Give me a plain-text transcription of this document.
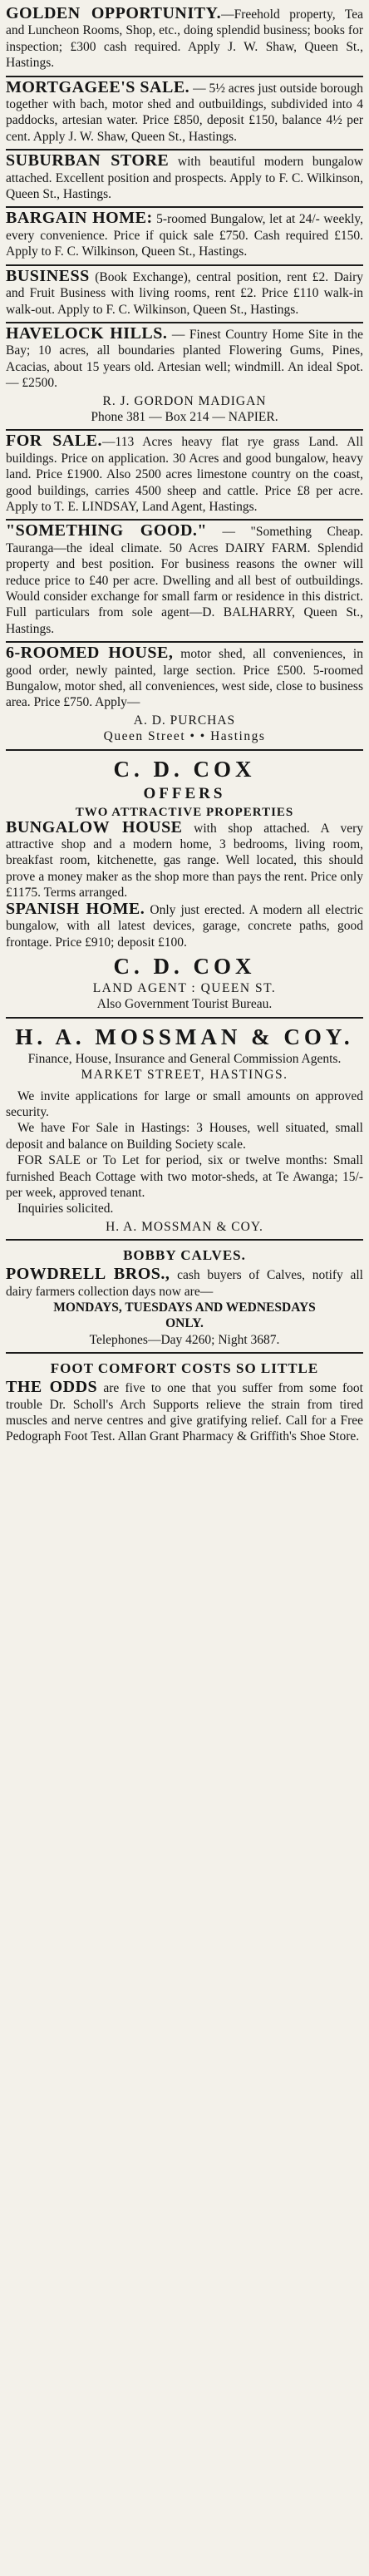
GOLDEN OPPORTUNITY.—Freehold property, Tea and Luncheon Rooms, Shop, etc., doing splendid business; books for inspection; £300 cash required. Apply J. W. Shaw, Queen St., Hastings.

MORTGAGEE'S SALE. — 5½ acres just outside borough together with bach, motor shed and outbuildings, subdivided into 4 paddocks, artesian water. Price £850, deposit £150, balance 4½ per cent. Apply J. W. Shaw, Queen St., Hastings.

SUBURBAN STORE with beautiful modern bungalow attached. Excellent position and prospects. Apply to F. C. Wilkinson, Queen St., Hastings.

BARGAIN HOME: 5-roomed Bungalow, let at 24/- weekly, every convenience. Price if quick sale £750. Cash required £150. Apply to F. C. Wilkinson, Queen St., Hastings.

BUSINESS (Book Exchange), central position, rent £2. Dairy and Fruit Business with living rooms, rent £2. Price £110 walk-in walk-out. Apply to F. C. Wilkinson, Queen St., Hastings.

HAVELOCK HILLS. — Finest Country Home Site in the Bay; 10 acres, all boundaries planted Flowering Gums, Pines, Acacias, about 15 years old. Artesian well; windmill. An ideal Spot. — £2500.

R. J. GORDON MADIGAN

Phone 381 — Box 214 — NAPIER.

FOR SALE.—113 Acres heavy flat rye grass Land. All buildings. Price on application. 30 Acres and good bungalow, heavy land. Price £1900. Also 2500 acres limestone country on the coast, good buildings, carries 4500 sheep and cattle. Price £8 per acre. Apply to T. E. LINDSAY, Land Agent, Hastings.

"SOMETHING GOOD." — "Something Cheap. Tauranga—the ideal climate. 50 Acres DAIRY FARM. Splendid property and best position. For business reasons the owner will reduce price to £40 per acre. Dwelling and all best of outbuildings. Would consider exchange for small farm or residence in this district. Full particulars from sole agent—D. BALHARRY, Queen St., Hastings.

6-ROOMED HOUSE, motor shed, all conveniences, in good order, newly painted, large section. Price £500. 5-roomed Bungalow, motor shed, all conveniences, west side, close to business area. Price £750. Apply—

A. D. PURCHAS

Queen Street • • Hastings

C. D. COX

OFFERS

TWO ATTRACTIVE PROPERTIES

BUNGALOW HOUSE with shop attached. A very attractive shop and a modern home, 3 bedrooms, living room, breakfast room, kitchenette, gas range. Well located, this should prove a money maker as the shop more than pays the rent. Price only £1175. Terms arranged.

SPANISH HOME. Only just erected. A modern all electric bungalow, with all latest devices, garage, concrete paths, good frontage. Price £910; deposit £100.

C. D. COX

LAND AGENT : QUEEN ST.

Also Government Tourist Bureau.

H. A. MOSSMAN & COY.

Finance, House, Insurance and General Commission Agents.

MARKET STREET, HASTINGS.

We invite applications for large or small amounts on approved security.

We have For Sale in Hastings: 3 Houses, well situated, small deposit and balance on Building Society scale.

FOR SALE or To Let for period, six or twelve months: Small furnished Beach Cottage with two motor-sheds, at Te Awanga; 15/- per week, approved tenant.

Inquiries solicited.

H. A. MOSSMAN & COY.

BOBBY CALVES.

POWDRELL BROS., cash buyers of Calves, notify all dairy farmers collection days now are—

MONDAYS, TUESDAYS AND WEDNESDAYS ONLY.

Telephones—Day 4260; Night 3687.

FOOT COMFORT COSTS SO LITTLE

THE ODDS are five to one that you suffer from some foot trouble Dr. Scholl's Arch Supports relieve the strain from tired muscles and nerve centres and give gratifying relief. Call for a Free Pedograph Foot Test. Allan Grant Pharmacy & Griffith's Shoe Store.
